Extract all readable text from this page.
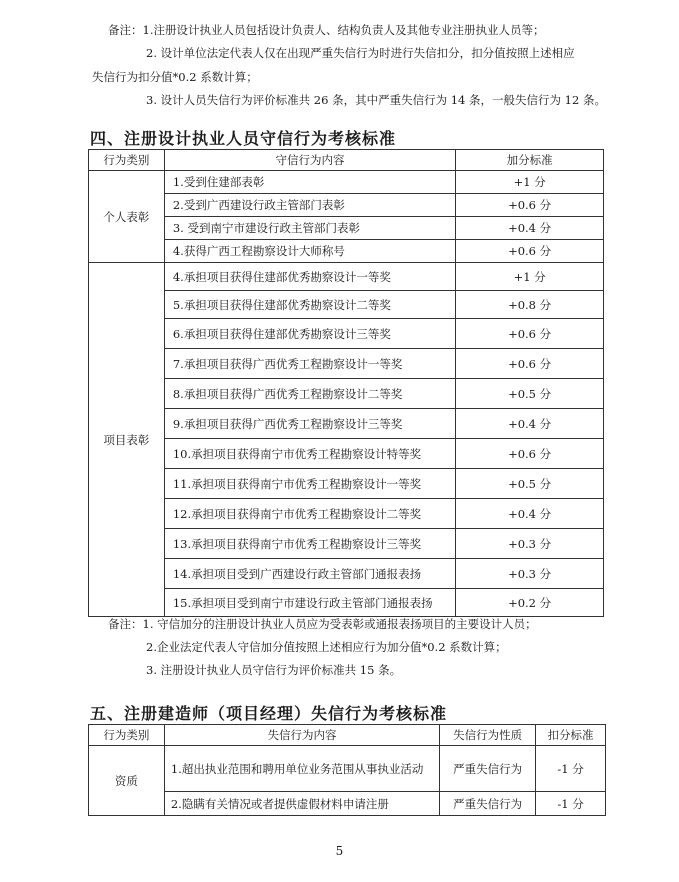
备注：1.注册设计执业人员包括设计负责人、结构负责人及其他专业注册执业人员等；
2. 设计单位法定代表人仅在出现严重失信行为时进行失信扣分，扣分值按照上述相应
失信行为扣分值*0.2 系数计算；
3. 设计人员失信行为评价标准共 26 条，其中严重失信行为 14 条，一般失信行为 12 条。
四、注册设计执业人员守信行为考核标准
行为类别	守信行为内容	加分标准
个人表彰	1.受到住建部表彰	+1 分
	2.受到广西建设行政主管部门表彰	+0.6 分
	3. 受到南宁市建设行政主管部门表彰	+0.4 分
	4.获得广西工程勘察设计大师称号	+0.6 分
项目表彰	4.承担项目获得住建部优秀勘察设计一等奖	+1 分
	5.承担项目获得住建部优秀勘察设计二等奖	+0.8 分
	6.承担项目获得住建部优秀勘察设计三等奖	+0.6 分
	7.承担项目获得广西优秀工程勘察设计一等奖	+0.6 分
	8.承担项目获得广西优秀工程勘察设计二等奖	+0.5 分
	9.承担项目获得广西优秀工程勘察设计三等奖	+0.4 分
	10.承担项目获得南宁市优秀工程勘察设计特等奖	+0.6 分
	11.承担项目获得南宁市优秀工程勘察设计一等奖	+0.5 分
	12.承担项目获得南宁市优秀工程勘察设计二等奖	+0.4 分
	13.承担项目获得南宁市优秀工程勘察设计三等奖	+0.3 分
	14.承担项目受到广西建设行政主管部门通报表扬	+0.3 分
	15.承担项目受到南宁市建设行政主管部门通报表扬	+0.2 分
备注：1. 守信加分的注册设计执业人员应为受表彰或通报表扬项目的主要设计人员；
2.企业法定代表人守信加分值按照上述相应行为加分值*0.2 系数计算；
3. 注册设计执业人员守信行为评价标准共 15 条。
五、注册建造师（项目经理）失信行为考核标准
行为类别	失信行为内容	失信行为性质	扣分标准
资质	1.超出执业范围和聘用单位业务范围从事执业活动	严重失信行为	-1 分
	2.隐瞒有关情况或者提供虚假材料申请注册	严重失信行为	-1 分
5
